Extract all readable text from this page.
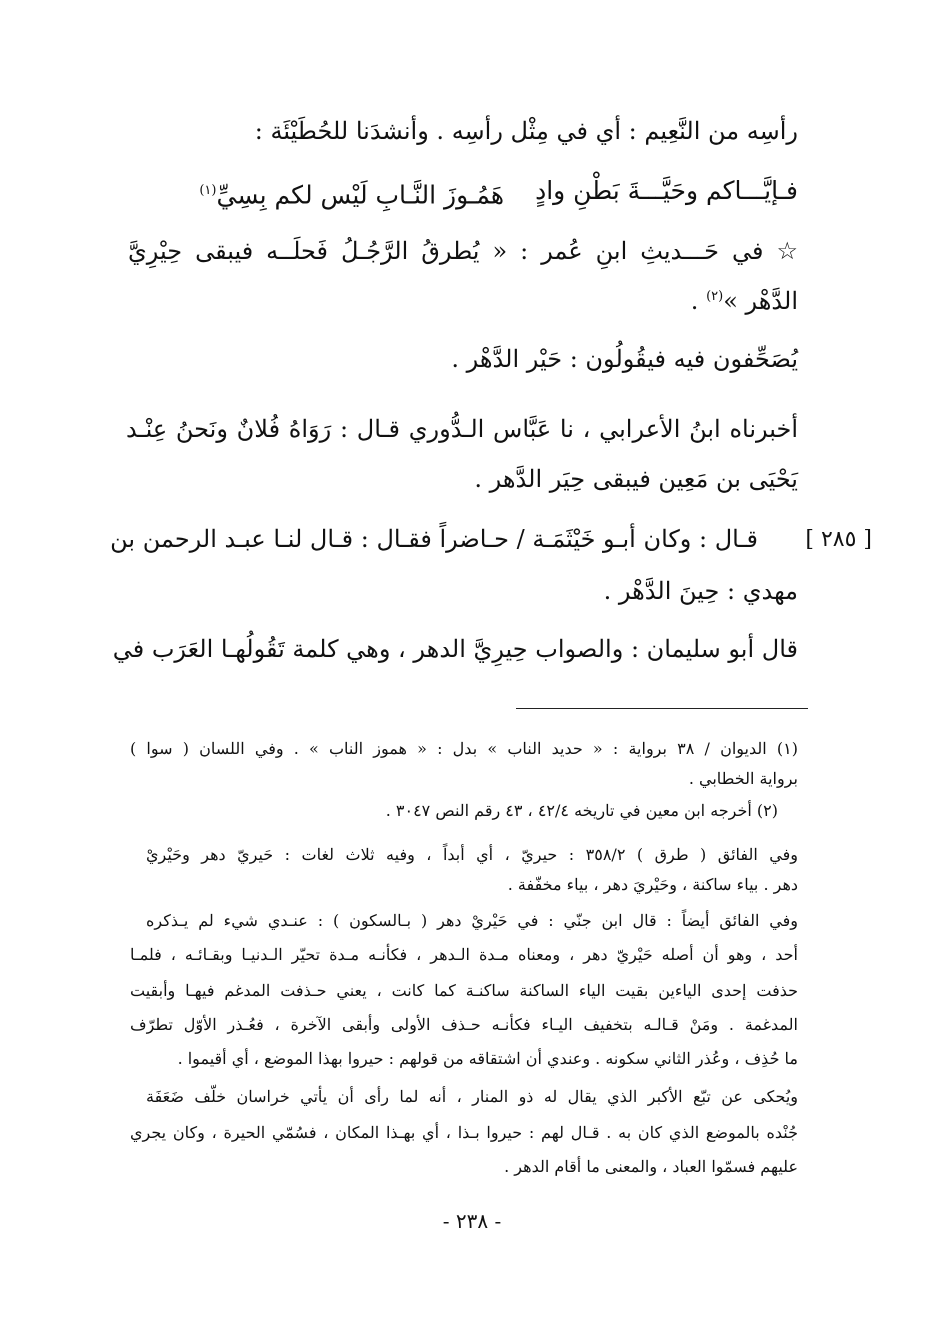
رأسِه من النَّعِيم : أي في مِثْل رأسِه . وأنشدَنا للحُطَيْئَة :
فـإيَّـــاكم وحَيَّـــةَ بَطْنِ وادٍ
هَمُـوزَ النَّـابِ لَيْس لكم بِسِيِّ$^{(١)}$
☆ في حَـــديثِ ابنِ عُمر : « يُطرقُ الرَّجُـلُ فَحلَــه فيبقى حِيْرِيَّ
الدَّهْر »$^{(٢)}$ .
يُصَحِّفون فيه فيقُولُون : حَيْر الدَّهْر .
أخبرناه ابنُ الأعرابي ، نا عَبَّاس الـدُّوري قـال : رَوَاهُ فُلانٌ ونَحنُ عِنْـد
يَحْيَى بن مَعِين فيبقى حِيَر الدَّهر .
[ ٢٨٥ ]
قـال : وكان أبـو خَيْثَمَـة / حـاضراً فقـال : قـال لنـا عبـد الرحمن بن
مهدي : حِينَ الدَّهْر .
قال أبو سليمان : والصواب حِيرِيَّ الدهر ، وهي كلمة تَقُولُهـا العَرَب في
(١) الديوان / ٣٨ برواية : « حديد الناب » بدل : « هموز الناب » . وفي اللسان ( سوا )
برواية الخطابي .
(٢) أخرجه ابن معين في تاريخه ٤٢/٤ ، ٤٣ رقم النص ٣٠٤٧ .
وفي الفائق ( طرق ) ٣٥٨/٢ : حيريّ ، أي أبداً ، وفيه ثلاث لغات : حَيريّ دهر وحَيْريْ
دهر . بياء ساكنة ، وحَيْريَ دهر ، بياء مخفّفة .
وفي الفائق أيضاً : قال ابن جنّي : في حَيْريْ دهر ( بـالسكون ) : عنـدي شيء لم يـذكره
أحد ، وهو أن أصله حَيْريّ دهر ، ومعناه مـدة الـدهر ، فكأنـه مـدة تحيّر الـدنيـا وبقـائـه ، فلمـا
حذفت إحدى الياءين بقيت الياء الساكنة ساكنـة كما كانت ، يعني حـذفت المدغم فيهـا وأبقيت
المدغمة . ومَنْ قـالـه بتخفيف اليـاء فكأنـه حـذف الأولى وأبقى الآخرة ، فعُـذر الأوّل تطرّف
ما حُذِف ، وعُذر الثاني سكونه . وعندي أن اشتقاقه من قولهم : حيروا بهذا الموضع ، أي أقيموا .
ويُحكى عن تبّع الأكبر الذي يقال له ذو المنار ، أنه لما رأى أن يأتي خراسان خلّف ضَعَفَة
جُنْده بالموضع الذي كان به . قـال لهم : حيروا بـذا ، أي بهـذا المكان ، فسُمّي الحيرة ، وكان يجري
عليهم فسمّوا العباد ، والمعنى ما أقام الدهر .
- ٢٣٨ -
